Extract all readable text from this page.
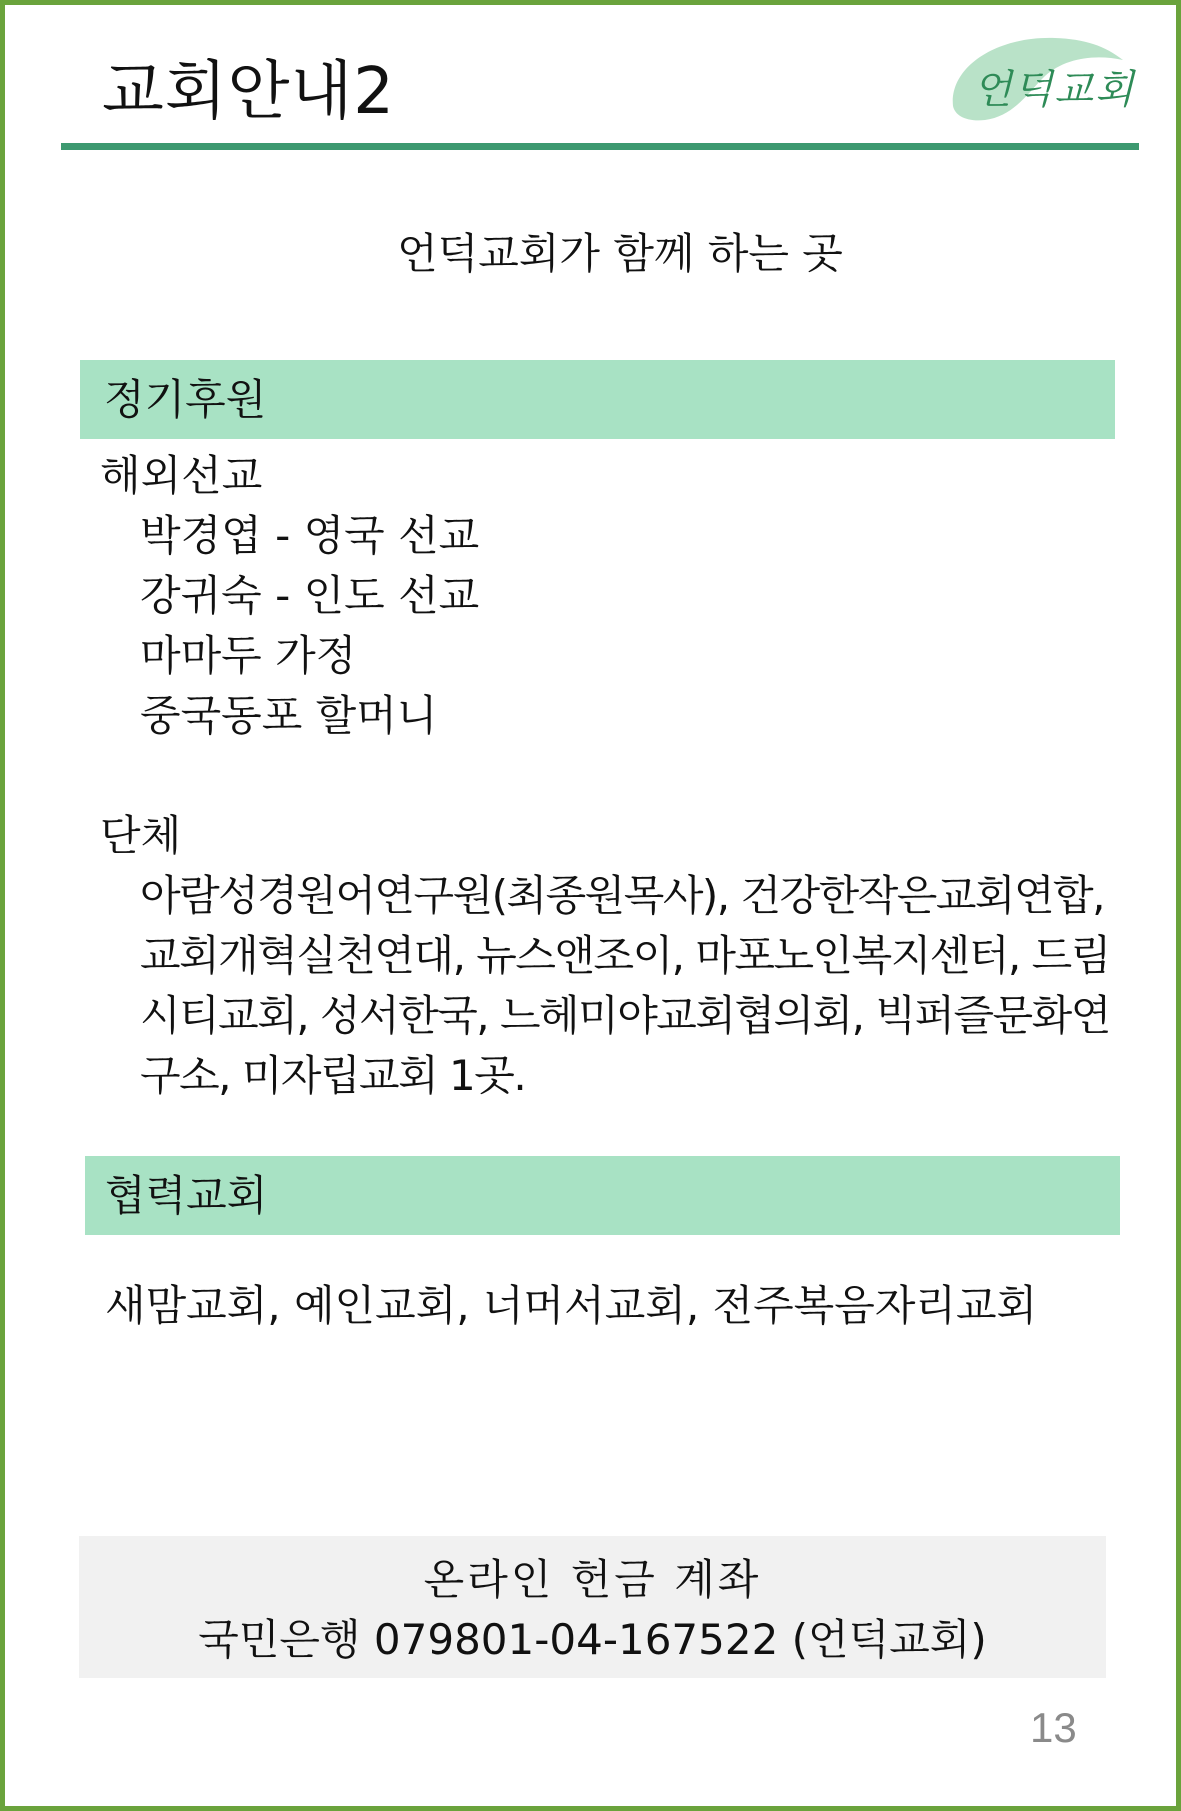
교회안내2	언덕교회
언덕교회가 함께 하는 곳
정기후원
해외선교
박경엽 - 영국 선교
강귀숙 - 인도 선교
마마두 가정
중국동포 할머니
단체
아람성경원어연구원(최종원목사), 건강한작은교회연합,
교회개혁실천연대, 뉴스앤조이, 마포노인복지센터, 드림
시티교회, 성서한국, 느헤미야교회협의회, 빅퍼즐문화연
구소, 미자립교회 1곳.
협력교회
새맘교회, 예인교회, 너머서교회, 전주복음자리교회
온라인 헌금 계좌
국민은행 079801-04-167522 (언덕교회)
13
